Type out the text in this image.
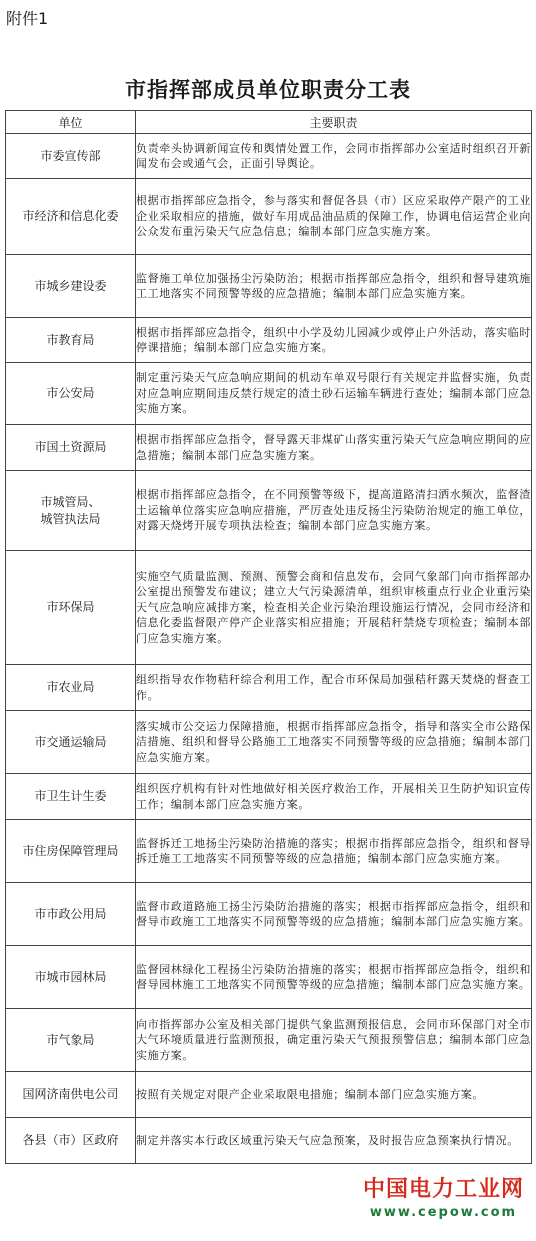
附件1
市指挥部成员单位职责分工表
单位	主要职责
市委宣传部	负责牵头协调新闻宣传和舆情处置工作，会同市指挥部办公室适时组织召开新闻发布会或通气会，正面引导舆论。
市经济和信息化委	根据市指挥部应急指令，参与落实和督促各县（市）区应采取停产限产的工业企业采取相应的措施，做好车用成品油品质的保障工作，协调电信运营企业向公众发布重污染天气应急信息；编制本部门应急实施方案。
市城乡建设委	监督施工单位加强扬尘污染防治；根据市指挥部应急指令，组织和督导建筑施工工地落实不同预警等级的应急措施；编制本部门应急实施方案。
市教育局	根据市指挥部应急指令，组织中小学及幼儿园减少或停止户外活动，落实临时停课措施；编制本部门应急实施方案。
市公安局	制定重污染天气应急响应期间的机动车单双号限行有关规定并监督实施，负责对应急响应期间违反禁行规定的渣土砂石运输车辆进行查处；编制本部门应急实施方案。
市国土资源局	根据市指挥部应急指令，督导露天非煤矿山落实重污染天气应急响应期间的应急措施；编制本部门应急实施方案。
市城管局、
城管执法局	根据市指挥部应急指令，在不同预警等级下，提高道路清扫洒水频次，监督渣土运输单位落实应急响应措施，严厉查处违反扬尘污染防治规定的施工单位，对露天烧烤开展专项执法检查；编制本部门应急实施方案。
市环保局	实施空气质量监测、预测、预警会商和信息发布，会同气象部门向市指挥部办公室提出预警发布建议；建立大气污染源清单，组织审核重点行业企业重污染天气应急响应减排方案，检查相关企业污染治理设施运行情况，会同市经济和信息化委监督限产停产企业落实相应措施；开展秸秆禁烧专项检查；编制本部门应急实施方案。
市农业局	组织指导农作物秸秆综合利用工作，配合市环保局加强秸秆露天焚烧的督查工作。
市交通运输局	落实城市公交运力保障措施，根据市指挥部应急指令，指导和落实全市公路保洁措施、组织和督导公路施工工地落实不同预警等级的应急措施；编制本部门应急实施方案。
市卫生计生委	组织医疗机构有针对性地做好相关医疗救治工作，开展相关卫生防护知识宣传工作；编制本部门应急实施方案。
市住房保障管理局	监督拆迁工地扬尘污染防治措施的落实；根据市指挥部应急指令，组织和督导拆迁施工工地落实不同预警等级的应急措施；编制本部门应急实施方案。
市市政公用局	监督市政道路施工扬尘污染防治措施的落实；根据市指挥部应急指令，组织和督导市政施工工地落实不同预警等级的应急措施；编制本部门应急实施方案。
市城市园林局	监督园林绿化工程扬尘污染防治措施的落实；根据市指挥部应急指令，组织和督导园林施工工地落实不同预警等级的应急措施；编制本部门应急实施方案。
市气象局	向市指挥部办公室及相关部门提供气象监测预报信息，会同市环保部门对全市大气环境质量进行监测预报，确定重污染天气预报预警信息；编制本部门应急实施方案。
国网济南供电公司	按照有关规定对限产企业采取限电措施；编制本部门应急实施方案。
各县（市）区政府	制定并落实本行政区域重污染天气应急预案，及时报告应急预案执行情况。
中国电力工业网
www.cepow.com
